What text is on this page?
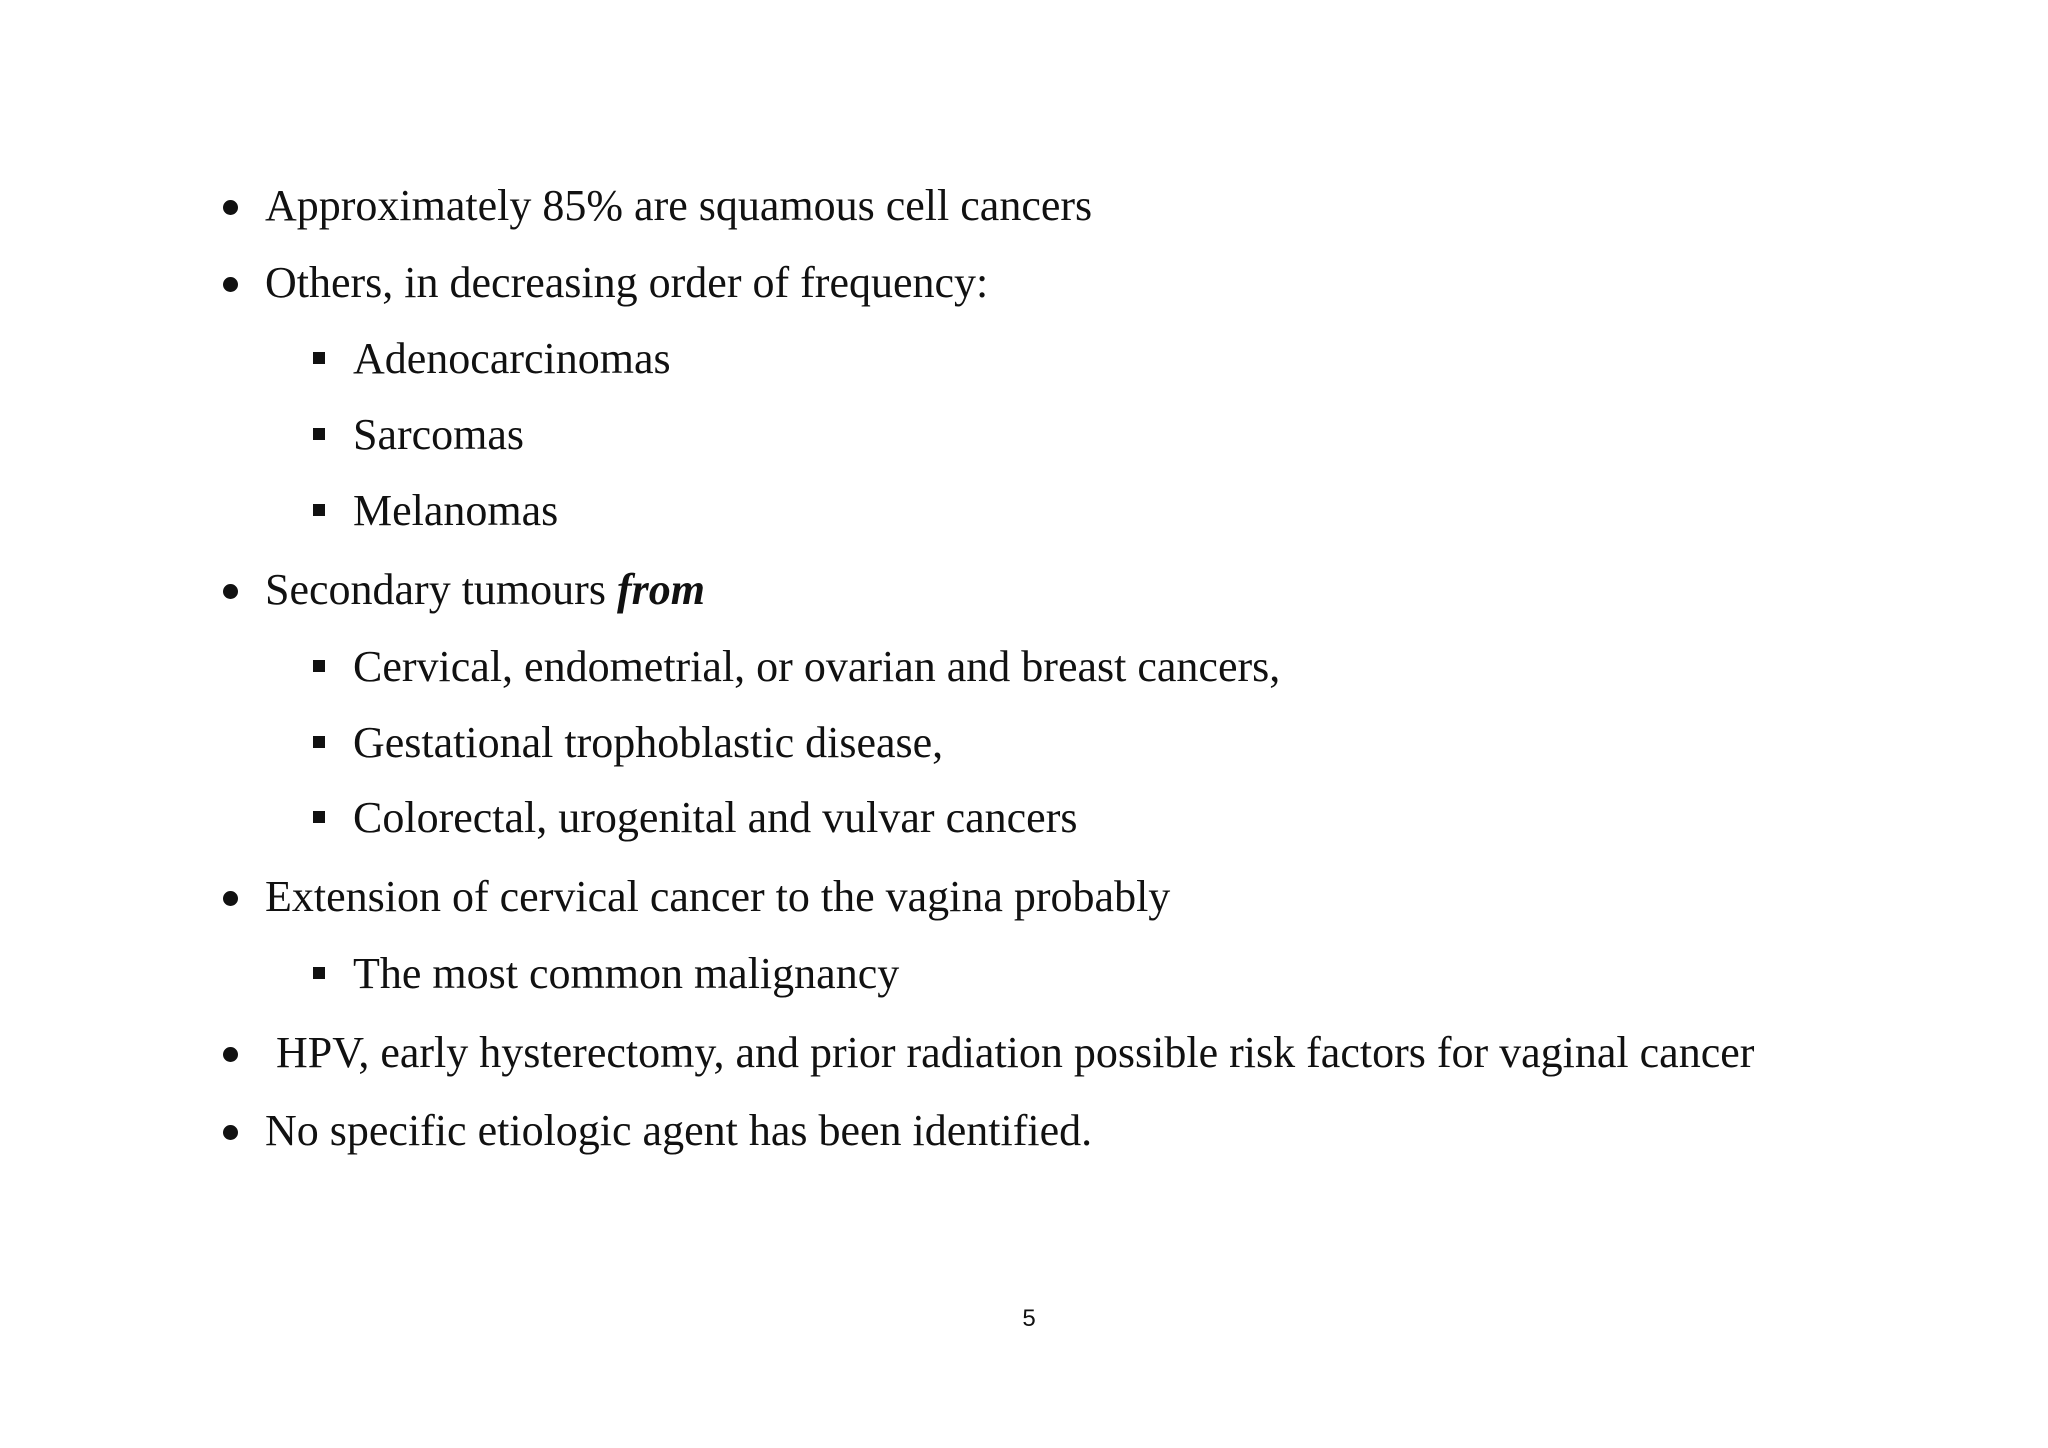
Approximately 85% are squamous cell cancers
Others, in decreasing order of frequency:
Adenocarcinomas
Sarcomas
Melanomas
Secondary tumours from
Cervical, endometrial, or ovarian and breast cancers,
Gestational trophoblastic disease,
Colorectal, urogenital and vulvar cancers
Extension of cervical cancer to the vagina probably
The most common malignancy
HPV, early hysterectomy, and prior radiation possible risk factors for vaginal cancer
No specific etiologic agent has been identified.
5
